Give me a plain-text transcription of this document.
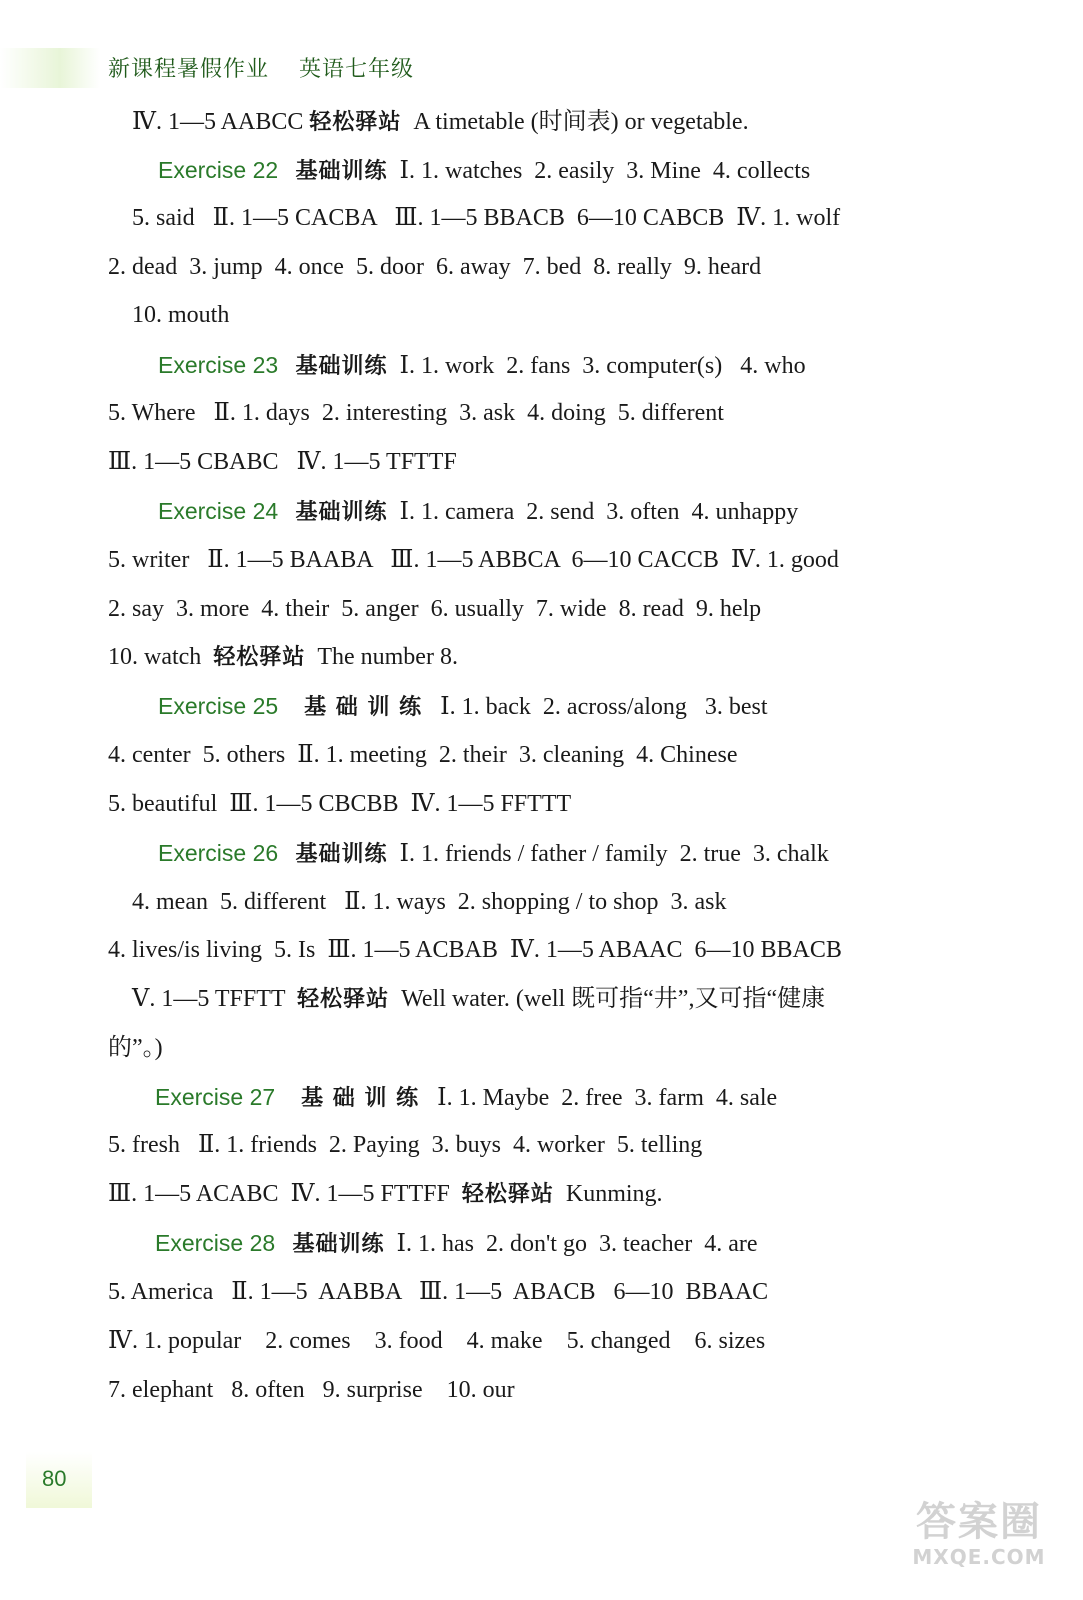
新课程暑假作业 英语七年级
Ⅳ. 1—5 AABCC 轻松驿站  A timetable (时间表) or vegetable.
Exercise 22  基础训练  Ⅰ. 1. watches  2. easily  3. Mine  4. collects
5. said   Ⅱ. 1—5 CACBA   Ⅲ. 1—5 BBACB  6—10 CABCB  Ⅳ. 1. wolf
2. dead  3. jump  4. once  5. door  6. away  7. bed  8. really  9. heard
10. mouth
Exercise 23  基础训练  Ⅰ. 1. work  2. fans  3. computer(s)   4. who
5. Where   Ⅱ. 1. days  2. interesting  3. ask  4. doing  5. different
Ⅲ. 1—5 CBABC   Ⅳ. 1—5 TFTTF
Exercise 24  基础训练  Ⅰ. 1. camera  2. send  3. often  4. unhappy
5. writer   Ⅱ. 1—5 BAABA   Ⅲ. 1—5 ABBCA  6—10 CACCB  Ⅳ. 1. good
2. say  3. more  4. their  5. anger  6. usually  7. wide  8. read  9. help
10. watch  轻松驿站  The number 8.
Exercise 25   基 础 训 练   Ⅰ. 1. back  2. across/along   3. best
4. center  5. others  Ⅱ. 1. meeting  2. their  3. cleaning  4. Chinese
5. beautiful  Ⅲ. 1—5 CBCBB  Ⅳ. 1—5 FFTTT
Exercise 26  基础训练  Ⅰ. 1. friends / father / family  2. true  3. chalk
4. mean  5. different   Ⅱ. 1. ways  2. shopping / to shop  3. ask
4. lives/is living  5. Is  Ⅲ. 1—5 ACBAB  Ⅳ. 1—5 ABAAC  6—10 BBACB
Ⅴ. 1—5 TFFTT  轻松驿站  Well water. (well 既可指“井”,又可指“健康
的”。)
Exercise 27   基 础 训 练   Ⅰ. 1. Maybe  2. free  3. farm  4. sale
5. fresh   Ⅱ. 1. friends  2. Paying  3. buys  4. worker  5. telling
Ⅲ. 1—5 ACABC  Ⅳ. 1—5 FTTFF  轻松驿站  Kunming.
Exercise 28  基础训练  Ⅰ. 1. has  2. don't go  3. teacher  4. are
5. America   Ⅱ. 1—5  AABBA   Ⅲ. 1—5  ABACB   6—10  BBAAC
Ⅳ. 1. popular    2. comes    3. food    4. make    5. changed    6. sizes
7. elephant   8. often   9. surprise    10. our
80
答案圈
MXQE.COM
